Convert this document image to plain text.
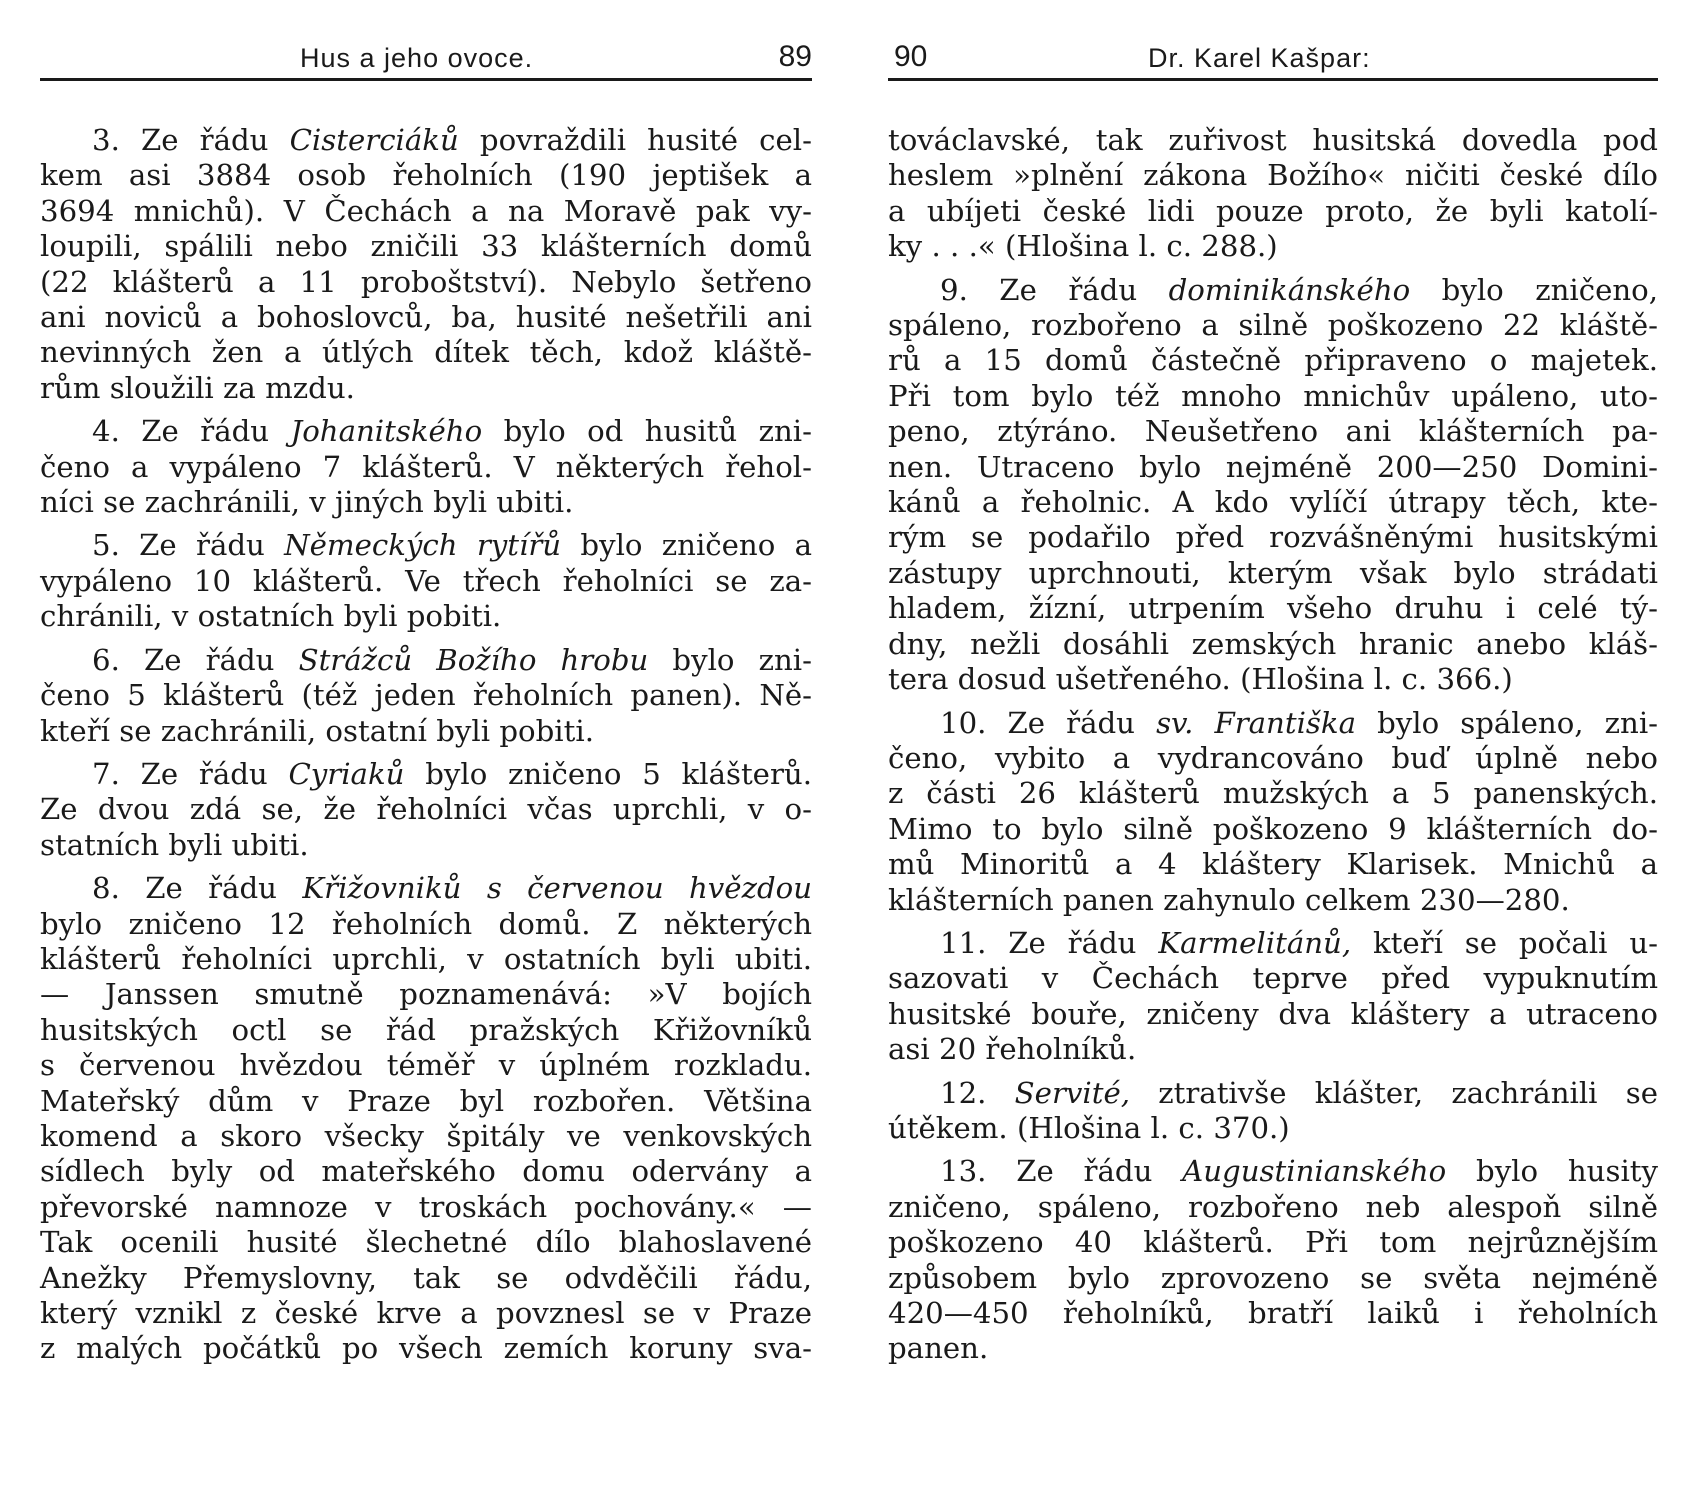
Hus a jeho ovoce.	89
3. Ze řádu Cisterciáků povraždili husité cel-
kem asi 3884 osob řeholních (190 jeptišek a
3694 mnichů). V Čechách a na Moravě pak vy-
loupili, spálili nebo zničili 33 klášterních domů
(22 klášterů a 11 proboštství). Nebylo šetřeno
ani noviců a bohoslovců, ba, husité nešetřili ani
nevinných žen a útlých dítek těch, kdož kláště-
rům sloužili za mzdu.
4. Ze řádu Johanitského bylo od husitů zni-
čeno a vypáleno 7 klášterů. V některých řehol-
níci se zachránili, v jiných byli ubiti.
5. Ze řádu Německých rytířů bylo zničeno a
vypáleno 10 klášterů. Ve třech řeholníci se za-
chránili, v ostatních byli pobiti.
6. Ze řádu Strážců Božího hrobu bylo zni-
čeno 5 klášterů (též jeden řeholních panen). Ně-
kteří se zachránili, ostatní byli pobiti.
7. Ze řádu Cyriaků bylo zničeno 5 klášterů.
Ze dvou zdá se, že řeholníci včas uprchli, v o-
statních byli ubiti.
8. Ze řádu Křižovniků s červenou hvězdou
bylo zničeno 12 řeholních domů. Z některých
klášterů řeholníci uprchli, v ostatních byli ubiti.
— Janssen smutně poznamenává: »V bojích
husitských octl se řád pražských Křižovníků
s červenou hvězdou téměř v úplném rozkladu.
Mateřský dům v Praze byl rozbořen. Většina
komend a skoro všecky špitály ve venkovských
sídlech byly od mateřského domu odervány a
převorské namnoze v troskách pochovány.« —
Tak ocenili husité šlechetné dílo blahoslavené
Anežky Přemyslovny, tak se odvděčili řádu,
který vznikl z české krve a povznesl se v Praze
z malých počátků po všech zemích koruny sva-
90	Dr. Karel Kašpar:
továclavské, tak zuřivost husitská dovedla pod
heslem »plnění zákona Božího« ničiti české dílo
a ubíjeti české lidi pouze proto, že byli katolí-
ky . . .« (Hlošina l. c. 288.)
9. Ze řádu dominikánského bylo zničeno,
spáleno, rozbořeno a silně poškozeno 22 kláště-
rů a 15 domů částečně připraveno o majetek.
Při tom bylo též mnoho mnichův upáleno, uto-
peno, ztýráno. Neušetřeno ani klášterních pa-
nen. Utraceno bylo nejméně 200—250 Domini-
kánů a řeholnic. A kdo vylíčí útrapy těch, kte-
rým se podařilo před rozvášněnými husitskými
zástupy uprchnouti, kterým však bylo strádati
hladem, žízní, utrpením všeho druhu i celé tý-
dny, nežli dosáhli zemských hranic anebo kláš-
tera dosud ušetřeného. (Hlošina l. c. 366.)
10. Ze řádu sv. Františka bylo spáleno, zni-
čeno, vybito a vydrancováno buď úplně nebo
z části 26 klášterů mužských a 5 panenských.
Mimo to bylo silně poškozeno 9 klášterních do-
mů Minoritů a 4 kláštery Klarisek. Mnichů a
klášterních panen zahynulo celkem 230—280.
11. Ze řádu Karmelitánů, kteří se počali u-
sazovati v Čechách teprve před vypuknutím
husitské bouře, zničeny dva kláštery a utraceno
asi 20 řeholníků.
12. Servité, ztrativše klášter, zachránili se
útěkem. (Hlošina l. c. 370.)
13. Ze řádu Augustinianského bylo husity
zničeno, spáleno, rozbořeno neb alespoň silně
poškozeno 40 klášterů. Při tom nejrůznějším
způsobem bylo zprovozeno se světa nejméně
420—450 řeholníků, bratří laiků i řeholních
panen.
